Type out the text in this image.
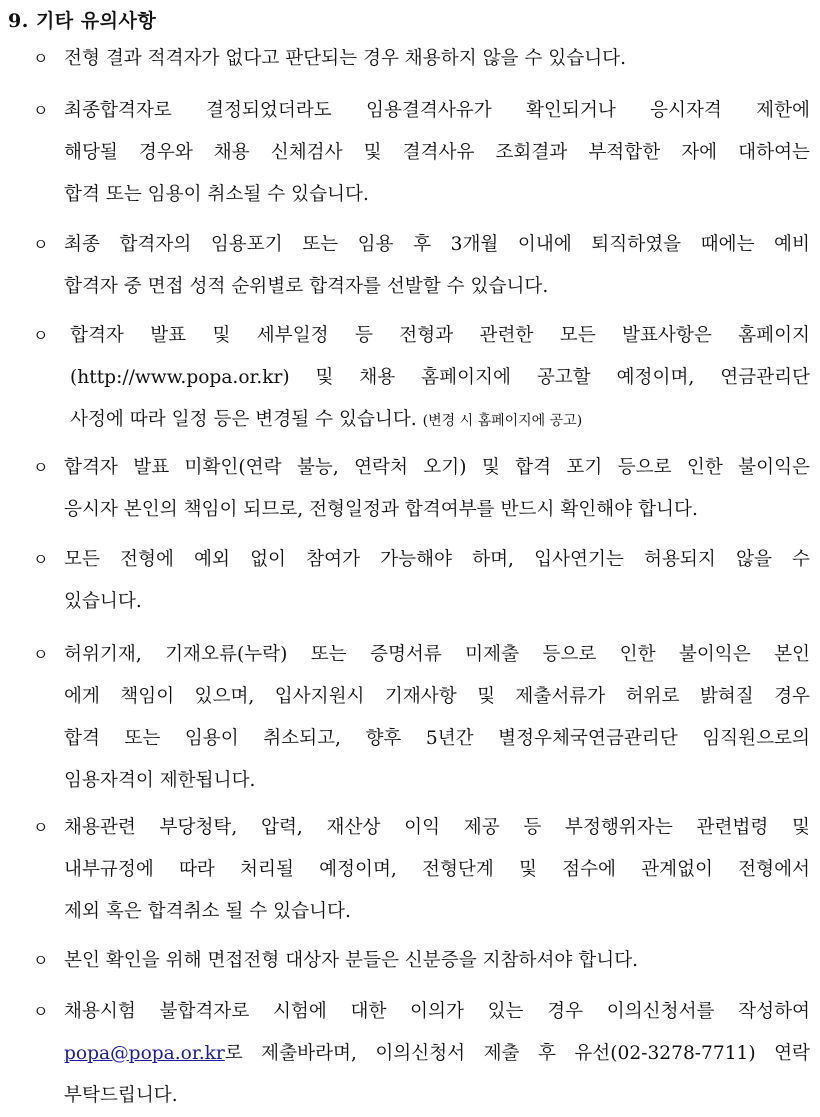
9. 기타 유의사항
ㅇ 전형 결과 적격자가 없다고 판단되는 경우 채용하지 않을 수 있습니다.
ㅇ 최종합격자로 결정되었더라도 임용결격사유가 확인되거나 응시자격 제한에
해당될 경우와 채용 신체검사 및 결격사유 조회결과 부적합한 자에 대하여는
합격 또는 임용이 취소될 수 있습니다.
ㅇ 최종 합격자의 임용포기 또는 임용 후 3개월 이내에 퇴직하였을 때에는 예비
합격자 중 면접 성적 순위별로 합격자를 선발할 수 있습니다.
ㅇ 합격자 발표 및 세부일정 등 전형과 관련한 모든 발표사항은 홈페이지
(http://www.popa.or.kr) 및 채용 홈페이지에 공고할 예정이며, 연금관리단
사정에 따라 일정 등은 변경될 수 있습니다. (변경 시 홈페이지에 공고)
ㅇ 합격자 발표 미확인(연락 불능, 연락처 오기) 및 합격 포기 등으로 인한 불이익은
응시자 본인의 책임이 되므로, 전형일정과 합격여부를 반드시 확인해야 합니다.
ㅇ 모든 전형에 예외 없이 참여가 가능해야 하며, 입사연기는 허용되지 않을 수
있습니다.
ㅇ 허위기재, 기재오류(누락) 또는 증명서류 미제출 등으로 인한 불이익은 본인
에게 책임이 있으며, 입사지원시 기재사항 및 제출서류가 허위로 밝혀질 경우
합격 또는 임용이 취소되고, 향후 5년간 별정우체국연금관리단 임직원으로의
임용자격이 제한됩니다.
ㅇ 채용관련 부당청탁, 압력, 재산상 이익 제공 등 부정행위자는 관련법령 및
내부규정에 따라 처리될 예정이며, 전형단계 및 점수에 관계없이 전형에서
제외 혹은 합격취소 될 수 있습니다.
ㅇ 본인 확인을 위해 면접전형 대상자 분들은 신분증을 지참하셔야 합니다.
ㅇ 채용시험 불합격자로 시험에 대한 이의가 있는 경우 이의신청서를 작성하여
popa@popa.or.kr로 제출바라며, 이의신청서 제출 후 유선(02-3278-7711) 연락
부탁드립니다.
